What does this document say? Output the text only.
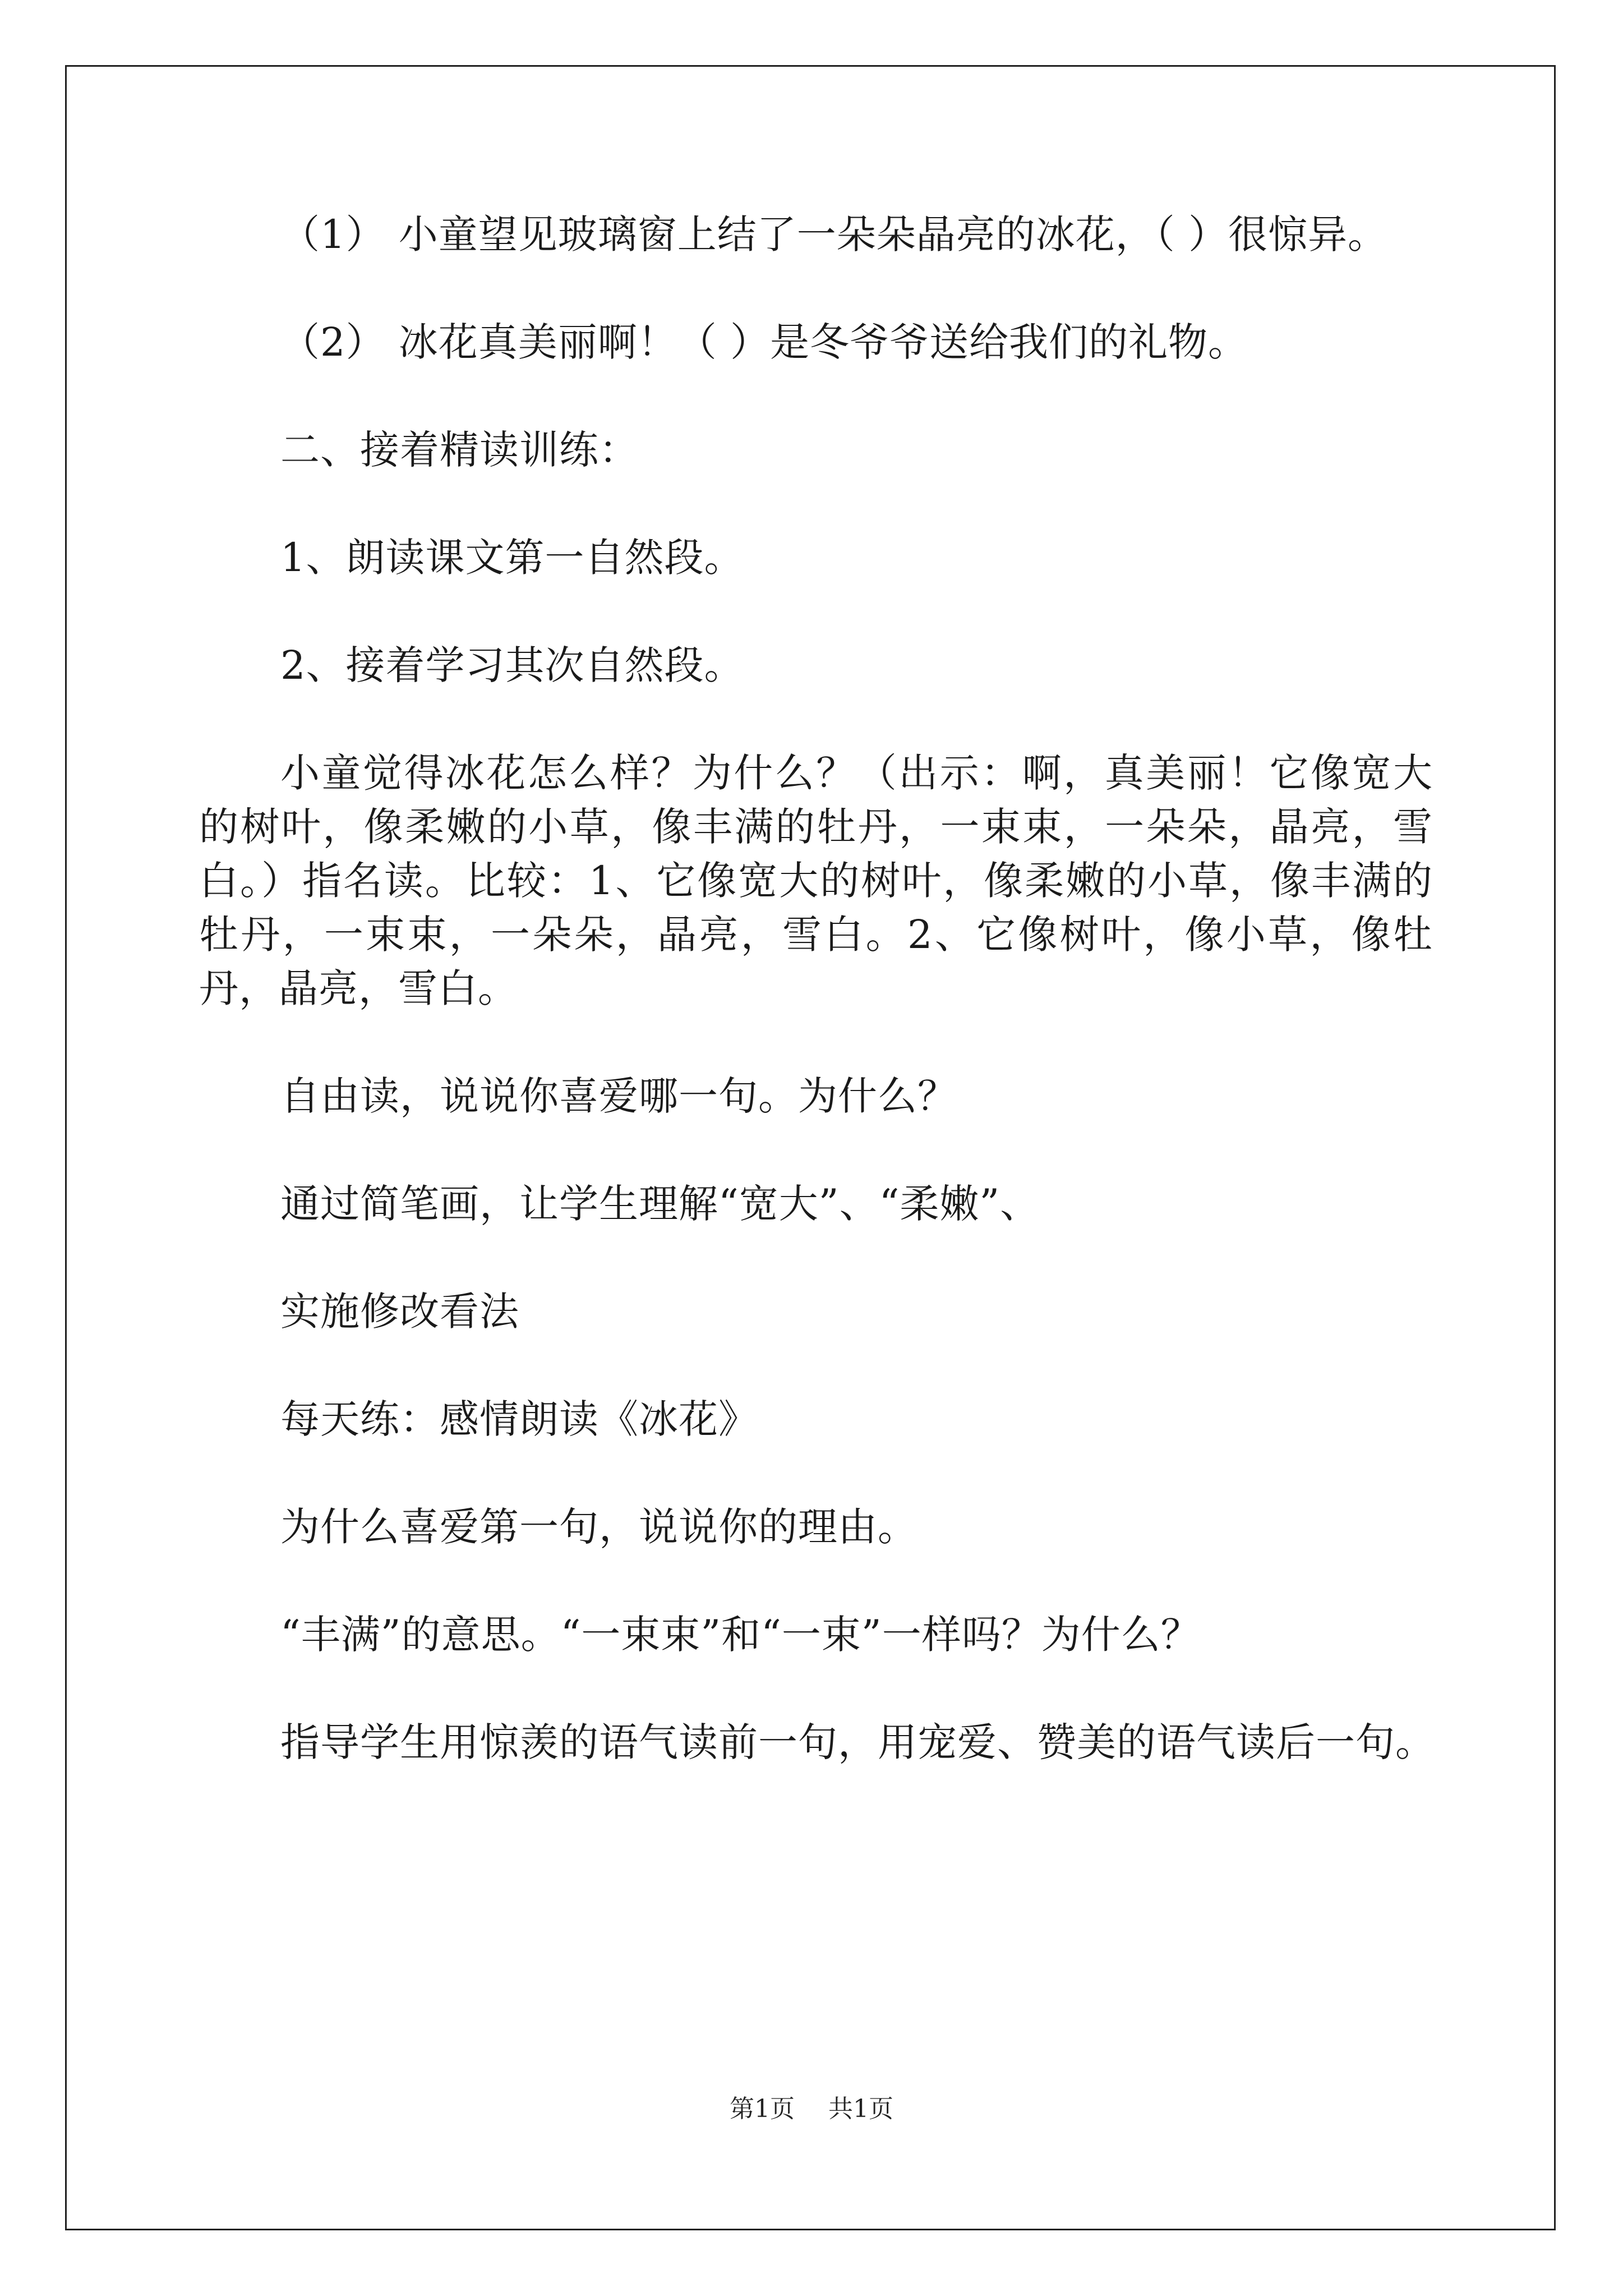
（1） 小童望见玻璃窗上结了一朵朵晶亮的冰花，（ ）很惊异。

（2） 冰花真美丽啊！（ ）是冬爷爷送给我们的礼物。

二、接着精读训练：

1、朗读课文第一自然段。

2、接着学习其次自然段。

小童觉得冰花怎么样？为什么？（出示：啊，真美丽！它像宽大的树叶，像柔嫩的小草，像丰满的牡丹，一束束，一朵朵，晶亮，雪白。）指名读。比较：1、它像宽大的树叶，像柔嫩的小草，像丰满的牡丹，一束束，一朵朵，晶亮，雪白。2、它像树叶，像小草，像牡丹，晶亮，雪白。

自由读，说说你喜爱哪一句。为什么？

通过简笔画，让学生理解“宽大”、“柔嫩”、

实施修改看法

每天练：感情朗读《冰花》

为什么喜爱第一句，说说你的理由。

“丰满”的意思。“一束束”和“一束”一样吗？为什么？

指导学生用惊羡的语气读前一句，用宠爱、赞美的语气读后一句。

第1页 共1页
